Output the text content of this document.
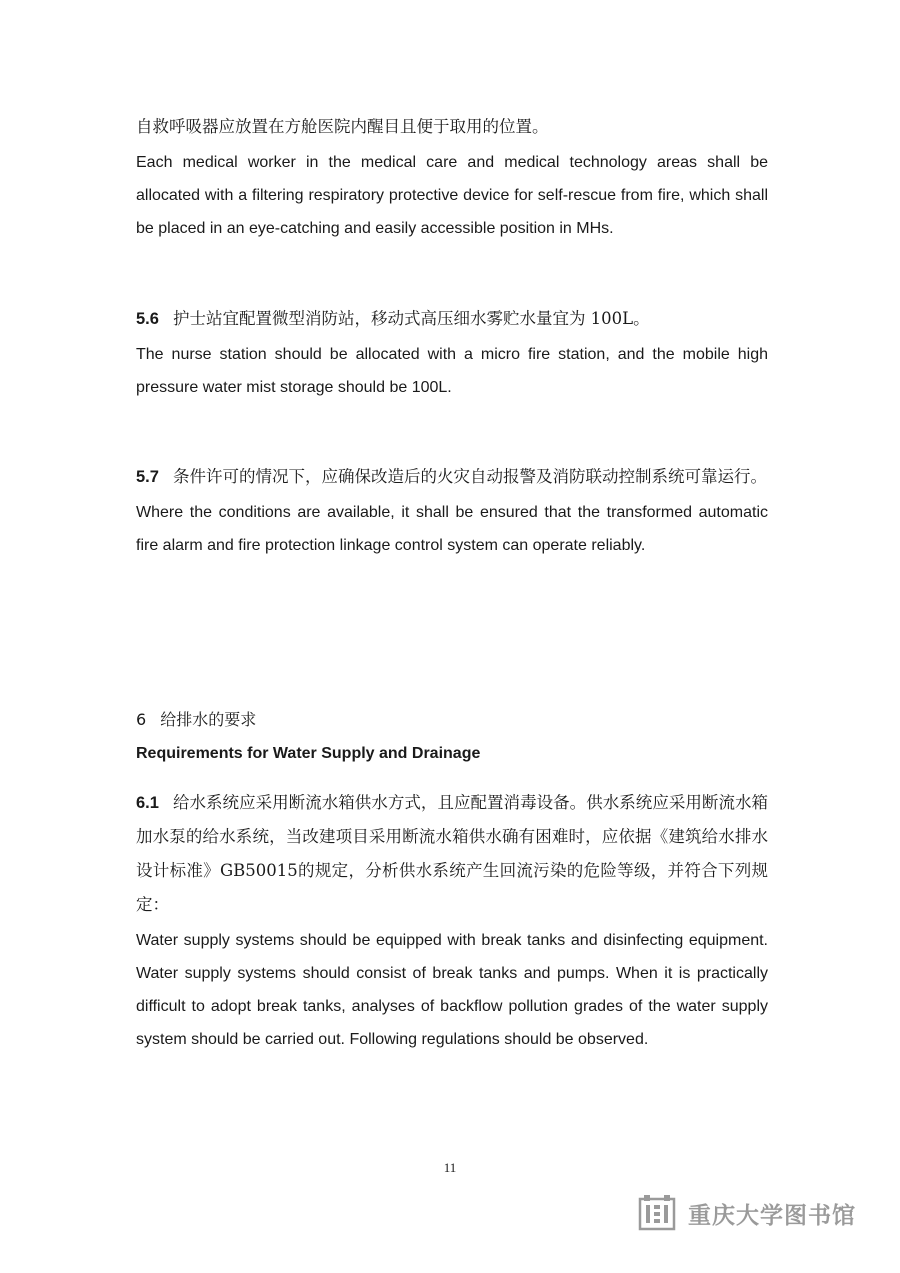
自救呼吸器应放置在方舱医院内醒目且便于取用的位置。

Each medical worker in the medical care and medical technology areas shall be allocated with a filtering respiratory protective device for self-rescue from fire, which shall be placed in an eye-catching and easily accessible position in MHs.

5.6 护士站宜配置微型消防站，移动式高压细水雾贮水量宜为 100L。

The nurse station should be allocated with a micro fire station, and the mobile high pressure water mist storage should be 100L.

5.7 条件许可的情况下，应确保改造后的火灾自动报警及消防联动控制系统可靠运行。

Where the conditions are available, it shall be ensured that the transformed automatic fire alarm and fire protection linkage control system can operate reliably.

6 给排水的要求

Requirements for Water Supply and Drainage

6.1 给水系统应采用断流水箱供水方式，且应配置消毒设备。供水系统应采用断流水箱加水泵的给水系统，当改建项目采用断流水箱供水确有困难时，应依据《建筑给水排水设计标准》GB50015的规定，分析供水系统产生回流污染的危险等级，并符合下列规定：

Water supply systems should be equipped with break tanks and disinfecting equipment. Water supply systems should consist of break tanks and pumps. When it is practically difficult to adopt break tanks, analyses of backflow pollution grades of the water supply system should be carried out. Following regulations should be observed.

11
重庆大学图书馆
